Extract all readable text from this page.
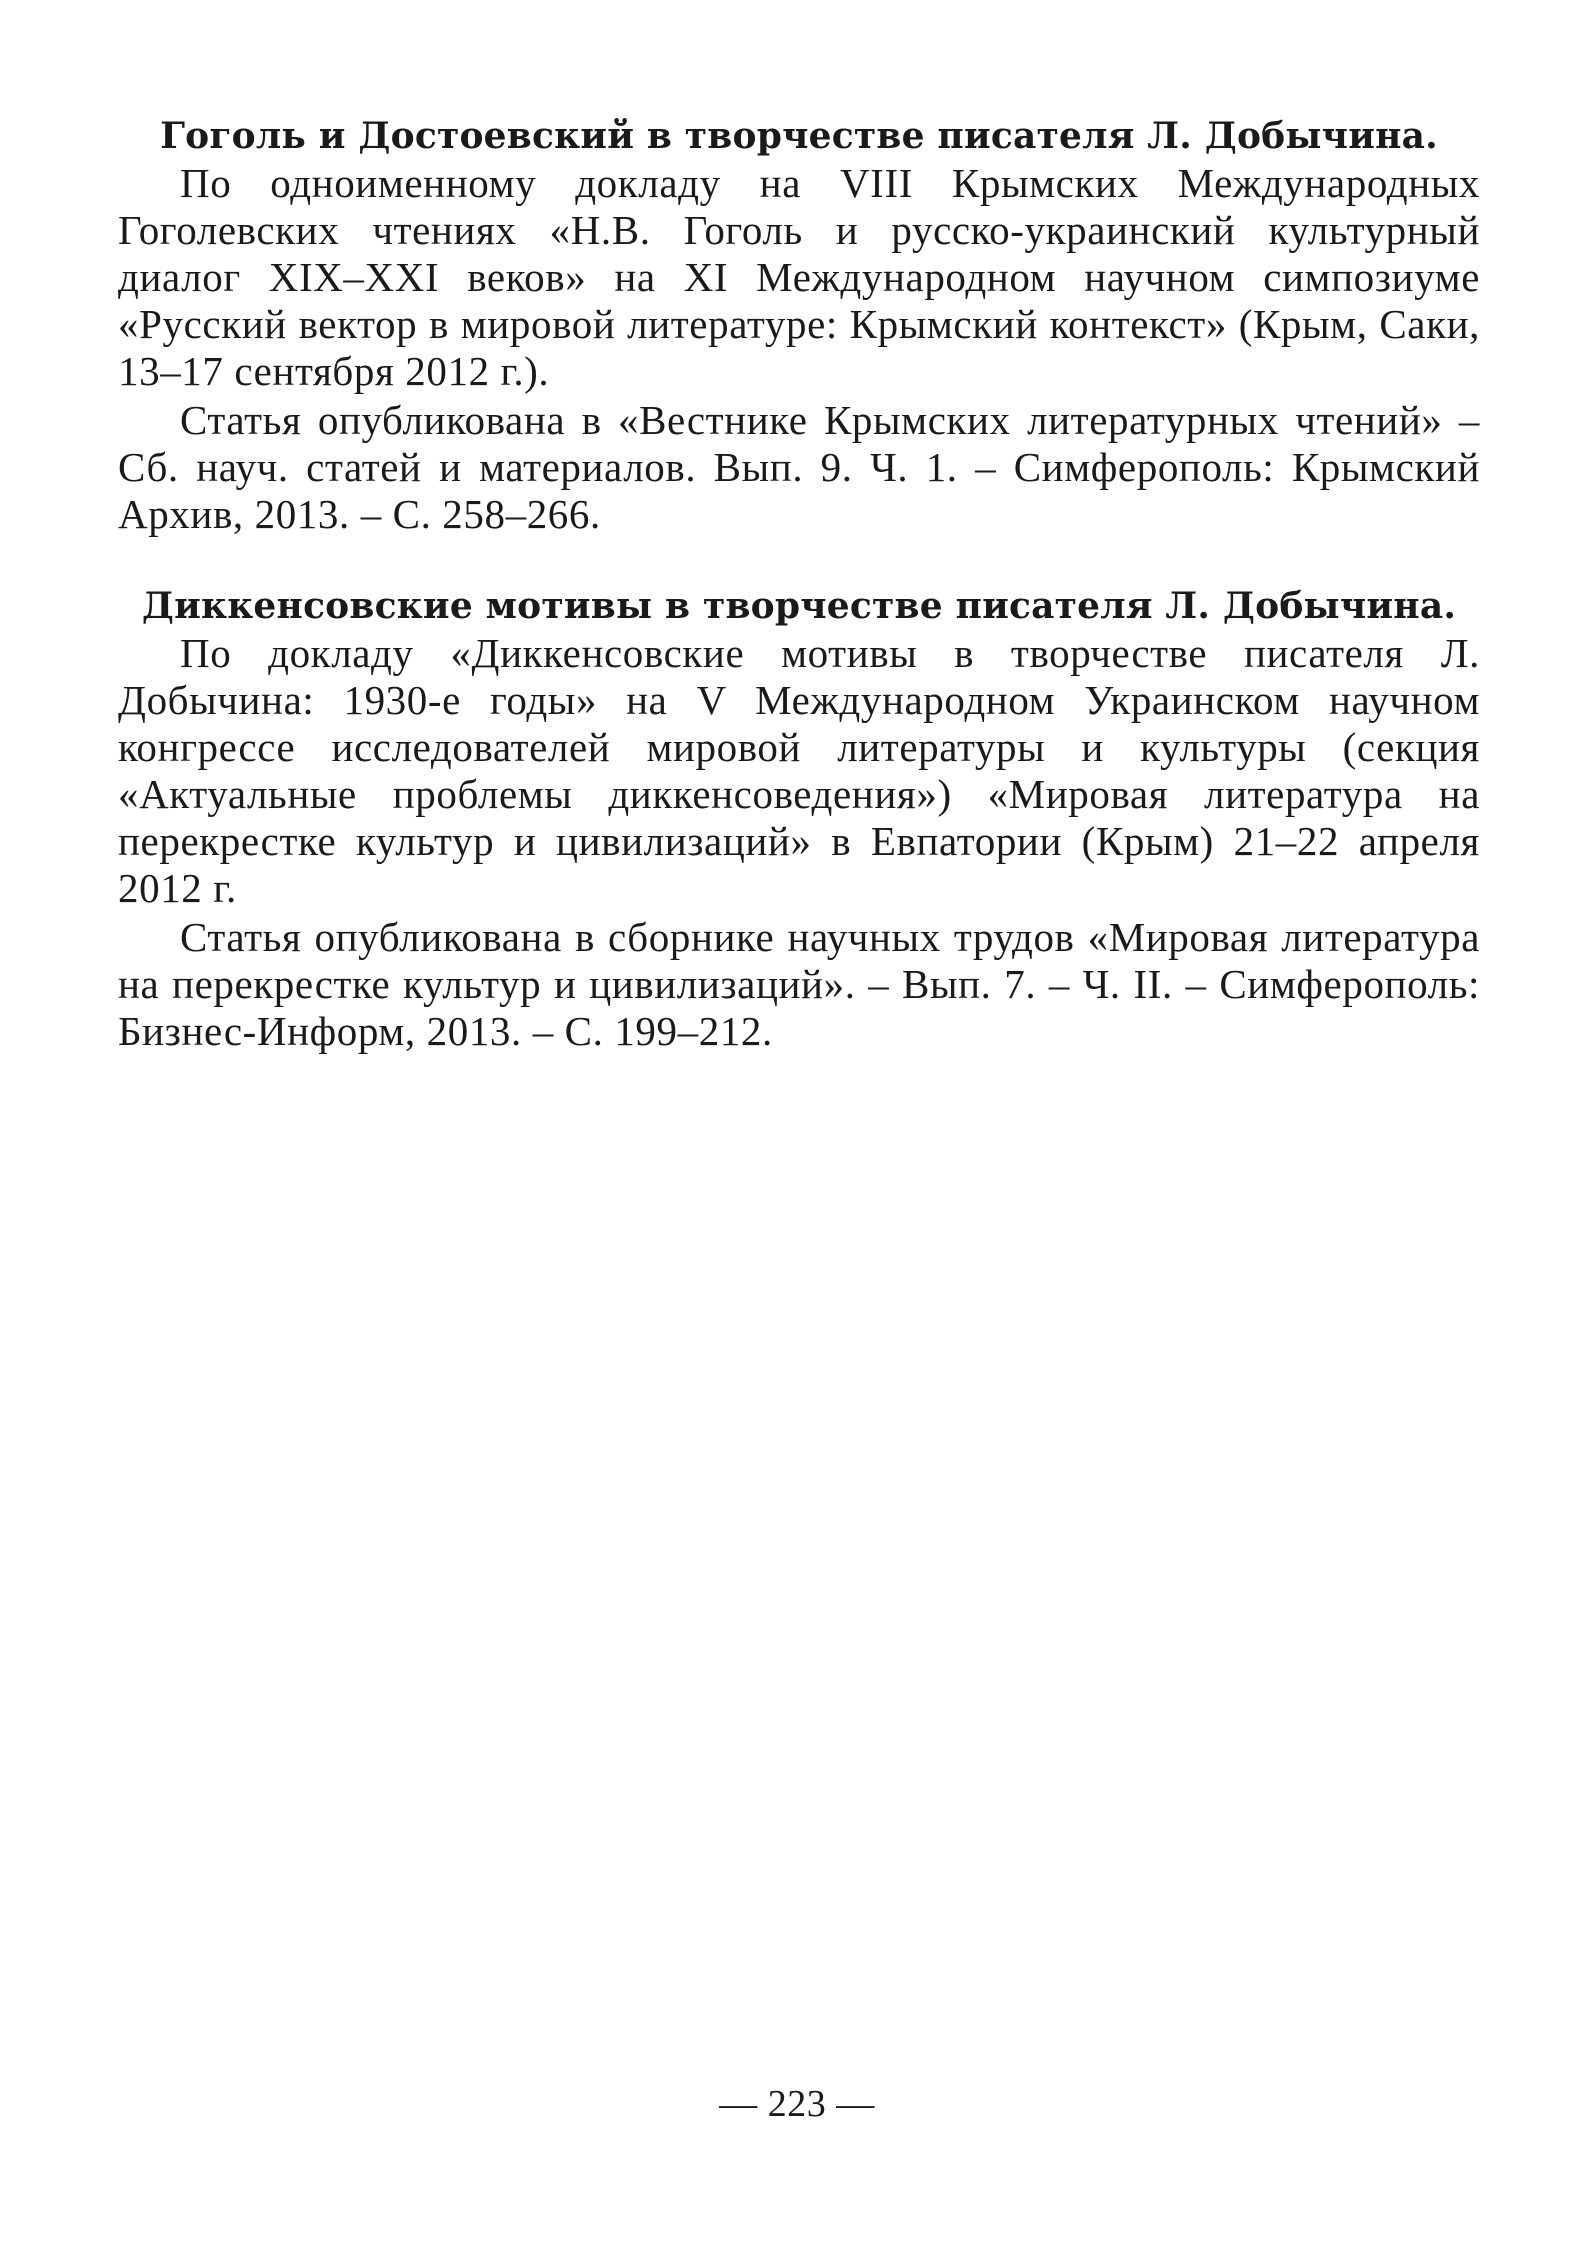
Гоголь и Достоевский в творчестве писателя Л. Добычина.

По одноименному докладу на VIII Крымских Международных Гоголевских чтениях «Н.В. Гоголь и русско-украинский культурный диалог XIX–XXI веков» на XI Международном научном симпозиуме «Русский вектор в мировой литературе: Крымский контекст» (Крым, Саки, 13–17 сентября 2012 г.).

Статья опубликована в «Вестнике Крымских литературных чтений» – Сб. науч. статей и материалов. Вып. 9. Ч. 1. – Симферополь: Крымский Архив, 2013. – С. 258–266.

Диккенсовские мотивы в творчестве писателя Л. Добычина.

По докладу «Диккенсовские мотивы в творчестве писателя Л. Добычина: 1930-е годы» на V Международном Украинском научном конгрессе исследователей мировой литературы и культуры (секция «Актуальные проблемы диккенсоведения») «Мировая литература на перекрестке культур и цивилизаций» в Евпатории (Крым) 21–22 апреля 2012 г.

Статья опубликована в сборнике научных трудов «Мировая литература на перекрестке культур и цивилизаций». – Вып. 7. – Ч. II. – Симферополь: Бизнес-Информ, 2013. – С. 199–212.

— 223 —
